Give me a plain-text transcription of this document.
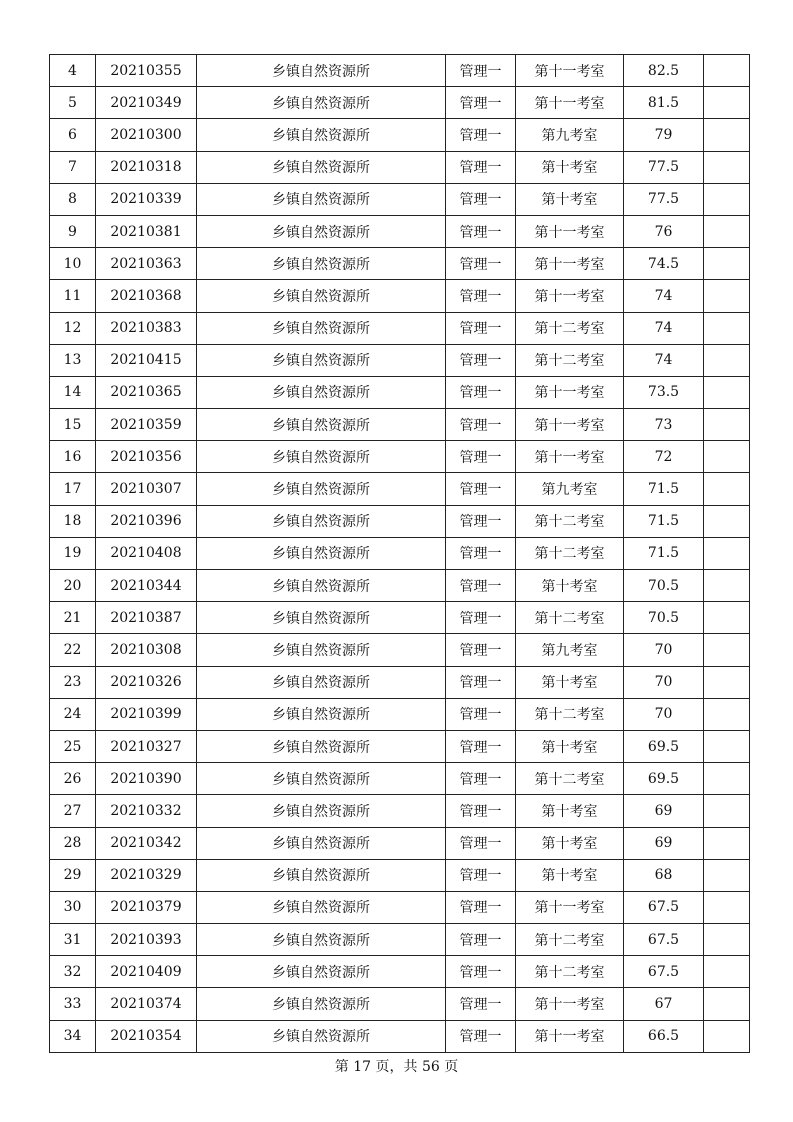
4	20210355	乡镇自然资源所	管理一	第十一考室	82.5	
5	20210349	乡镇自然资源所	管理一	第十一考室	81.5	
6	20210300	乡镇自然资源所	管理一	第九考室	79	
7	20210318	乡镇自然资源所	管理一	第十考室	77.5	
8	20210339	乡镇自然资源所	管理一	第十考室	77.5	
9	20210381	乡镇自然资源所	管理一	第十一考室	76	
10	20210363	乡镇自然资源所	管理一	第十一考室	74.5	
11	20210368	乡镇自然资源所	管理一	第十一考室	74	
12	20210383	乡镇自然资源所	管理一	第十二考室	74	
13	20210415	乡镇自然资源所	管理一	第十二考室	74	
14	20210365	乡镇自然资源所	管理一	第十一考室	73.5	
15	20210359	乡镇自然资源所	管理一	第十一考室	73	
16	20210356	乡镇自然资源所	管理一	第十一考室	72	
17	20210307	乡镇自然资源所	管理一	第九考室	71.5	
18	20210396	乡镇自然资源所	管理一	第十二考室	71.5	
19	20210408	乡镇自然资源所	管理一	第十二考室	71.5	
20	20210344	乡镇自然资源所	管理一	第十考室	70.5	
21	20210387	乡镇自然资源所	管理一	第十二考室	70.5	
22	20210308	乡镇自然资源所	管理一	第九考室	70	
23	20210326	乡镇自然资源所	管理一	第十考室	70	
24	20210399	乡镇自然资源所	管理一	第十二考室	70	
25	20210327	乡镇自然资源所	管理一	第十考室	69.5	
26	20210390	乡镇自然资源所	管理一	第十二考室	69.5	
27	20210332	乡镇自然资源所	管理一	第十考室	69	
28	20210342	乡镇自然资源所	管理一	第十考室	69	
29	20210329	乡镇自然资源所	管理一	第十考室	68	
30	20210379	乡镇自然资源所	管理一	第十一考室	67.5	
31	20210393	乡镇自然资源所	管理一	第十二考室	67.5	
32	20210409	乡镇自然资源所	管理一	第十二考室	67.5	
33	20210374	乡镇自然资源所	管理一	第十一考室	67	
34	20210354	乡镇自然资源所	管理一	第十一考室	66.5	
第 17 页，共 56 页
